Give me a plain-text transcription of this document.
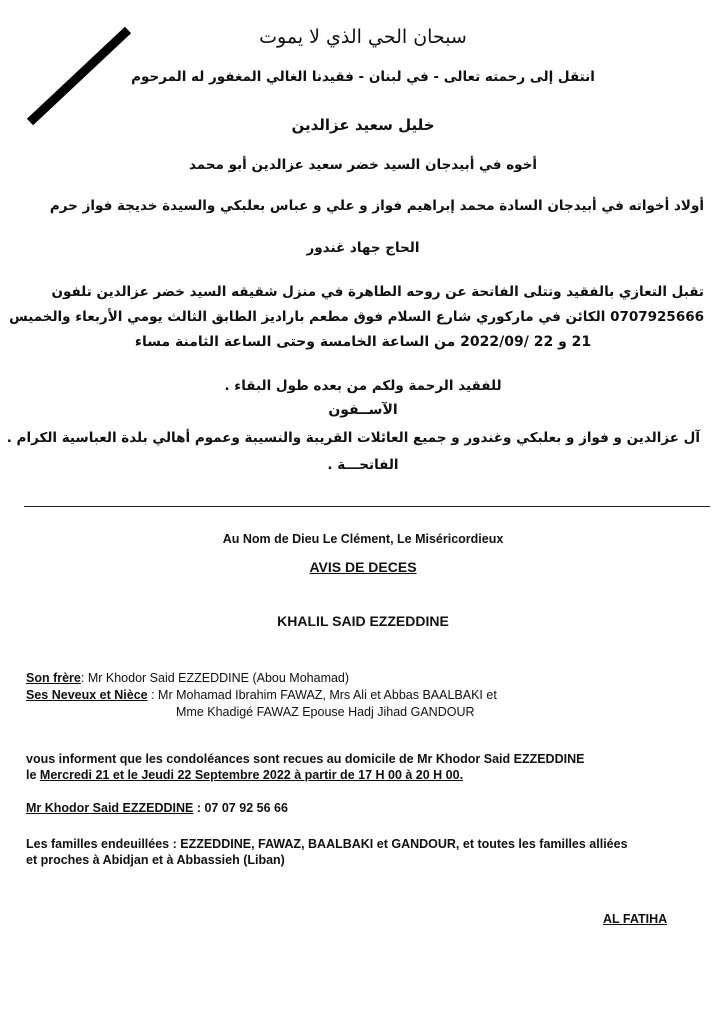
سبحان الحي الذي لا يموت
انتقل إلى رحمته تعالى - في لبنان - فقيدنا الغالي المغفور له المرحوم
خليل سعيد عزالدين
أخوه في أبيدجان السيد خضر سعيد عزالدين أبو محمد
أولاد أخواته في أبيدجان السادة محمد إبراهيم فواز و علي و عباس بعلبكي والسيدة خديجة فواز حرم
الحاج جهاد غندور
تقبل التعازي بالفقيد وتتلى الفاتحة عن روحه الطاهرة في منزل شقيقه السيد خضر عزالدين تلفون
0707925666 الكائن في ماركوري شارع السلام فوق مطعم باراديز الطابق الثالث يومي الأربعاء والخميس
21 و 22 /2022/09 من الساعة الخامسة وحتى الساعة الثامنة مساء
للفقيد الرحمة ولكم من بعده طول البقاء .
الآســفون
آل عزالدين و فواز و بعلبكي وغندور و جميع العائلات القريبة والنسيبة وعموم أهالي بلدة العباسية الكرام .
الفاتحـــة .
Au Nom de Dieu Le Clément, Le Miséricordieux
AVIS DE DECES
KHALIL SAID EZZEDDINE
Son frère: Mr Khodor Said EZZEDDINE (Abou Mohamad)
Ses Neveux et Nièce : Mr Mohamad Ibrahim FAWAZ, Mrs Ali et Abbas BAALBAKI et
Mme Khadigé FAWAZ Epouse Hadj Jihad GANDOUR
vous informent que les condoléances sont recues au domicile de Mr Khodor Said EZZEDDINE
le Mercredi 21 et le Jeudi 22 Septembre 2022 à partir de 17 H 00 à 20 H 00.
Mr Khodor Said EZZEDDINE : 07 07 92 56 66
Les familles endeuillées : EZZEDDINE, FAWAZ, BAALBAKI et GANDOUR, et toutes les familles alliées
et proches à Abidjan et à Abbassieh (Liban)
AL FATIHA
